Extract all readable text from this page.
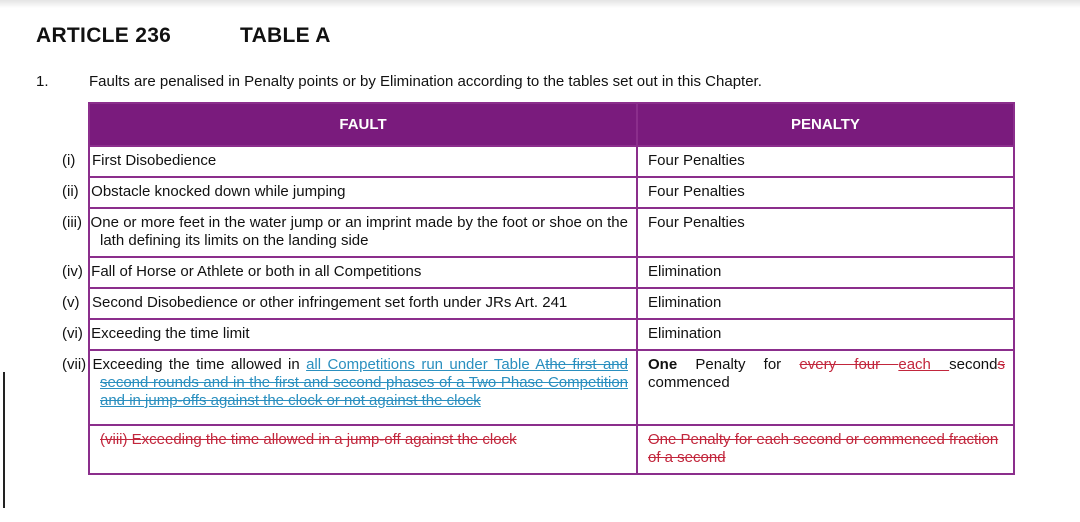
ARTICLE 236	TABLE A
1.	Faults are penalised in Penalty points or by Elimination according to the tables set out in this Chapter.
FAULT	PENALTY
(i)    First Disobedience	Four Penalties
(ii)   Obstacle knocked down while jumping	Four Penalties
(iii)  One or more feet in the water jump or an imprint made by the foot or shoe on the lath defining its limits on the landing side	Four Penalties
(iv)  Fall of Horse or Athlete or both in all Competitions	Elimination
(v)   Second Disobedience or other infringement set forth under JRs Art. 241	Elimination
(vi)  Exceeding the time limit	Elimination
(vii) Exceeding the time allowed in all Competitions run under Table Athe first and second rounds and in the first and second phases of a Two Phase Competition and in jump-offs against the clock or not against the clock	One Penalty for every four each seconds commenced
(viii) Exceeding the time allowed in a jump-off against the clock	One Penalty for each second or commenced fraction of a second
